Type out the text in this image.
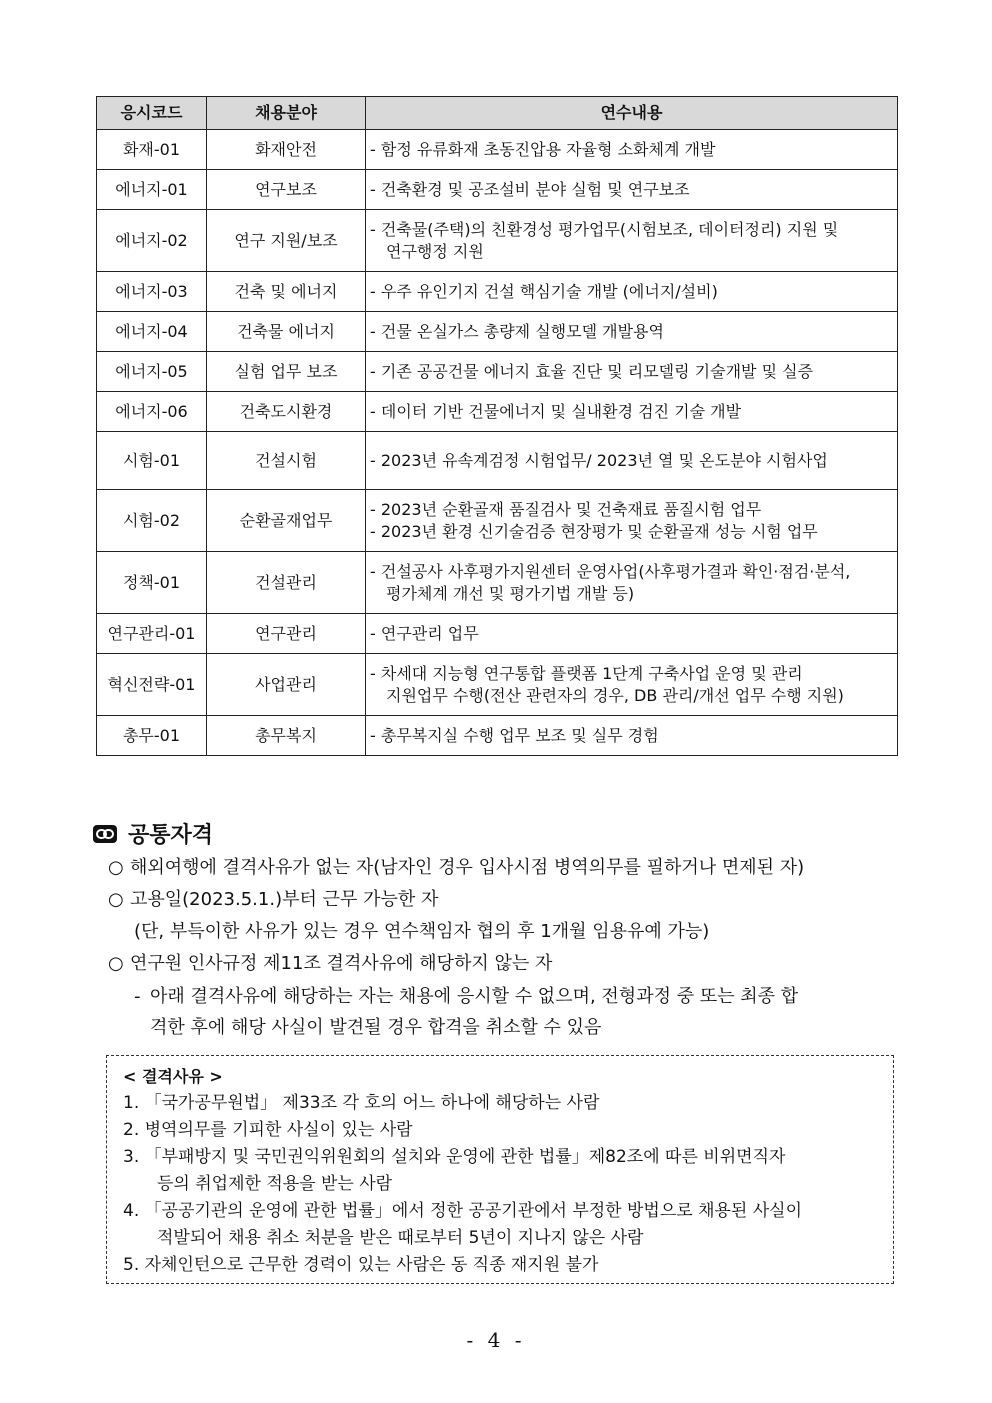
응시코드	채용분야	연수내용
화재-01	화재안전	- 함정 유류화재 초동진압용 자율형 소화체계 개발

에너지-01	연구보조	- 건축환경 및 공조설비 분야 실험 및 연구보조

에너지-02	연구 지원/보조	- 건축물(주택)의 친환경성 평가업무(시험보조, 데이터정리) 지원 및
연구행정 지원

에너지-03	건축 및 에너지	- 우주 유인기지 건설 핵심기술 개발 (에너지/설비)

에너지-04	건축물 에너지	- 건물 온실가스 총량제 실행모델 개발용역

에너지-05	실험 업무 보조	- 기존 공공건물 에너지 효율 진단 및 리모델링 기술개발 및 실증

에너지-06	건축도시환경	- 데이터 기반 건물에너지 및 실내환경 검진 기술 개발

시험-01	건설시험	- 2023년 유속계검정 시험업무/ 2023년 열 및 온도분야 시험사업

시험-02	순환골재업무	- 2023년 순환골재 품질검사 및 건축재료 품질시험 업무
- 2023년 환경 신기술검증 현장평가 및 순환골재 성능 시험 업무

정책-01	건설관리	- 건설공사 사후평가지원센터 운영사업(사후평가결과 확인·점검·분석,
평가체계 개선 및 평가기법 개발 등)

연구관리-01	연구관리	- 연구관리 업무

혁신전략-01	사업관리	- 차세대 지능형 연구통합 플랫폼 1단계 구축사업 운영 및 관리
지원업무 수행(전산 관련자의 경우, DB 관리/개선 업무 수행 지원)

총무-01	총무복지	- 총무복지실 수행 업무 보조 및 실무 경험
공통자격
○ 해외여행에 결격사유가 없는 자(남자인 경우 입사시점 병역의무를 필하거나 면제된 자)
○ 고용일(2023.5.1.)부터 근무 가능한 자
(단, 부득이한 사유가 있는 경우 연수책임자 협의 후 1개월 임용유예 가능)
○ 연구원 인사규정 제11조 결격사유에 해당하지 않는 자
- 아래 결격사유에 해당하는 자는 채용에 응시할 수 없으며, 전형과정 중 또는 최종 합
격한 후에 해당 사실이 발견될 경우 합격을 취소할 수 있음
< 결격사유 >
1. 「국가공무원법」 제33조 각 호의 어느 하나에 해당하는 사람
2. 병역의무를 기피한 사실이 있는 사람
3. 「부패방지 및 국민권익위원회의 설치와 운영에 관한 법률」제82조에 따른 비위면직자
등의 취업제한 적용을 받는 사람
4. 「공공기관의 운영에 관한 법률」에서 정한 공공기관에서 부정한 방법으로 채용된 사실이
적발되어 채용 취소 처분을 받은 때로부터 5년이 지나지 않은 사람
5. 자체인턴으로 근무한 경력이 있는 사람은 동 직종 재지원 불가
- 4 -
